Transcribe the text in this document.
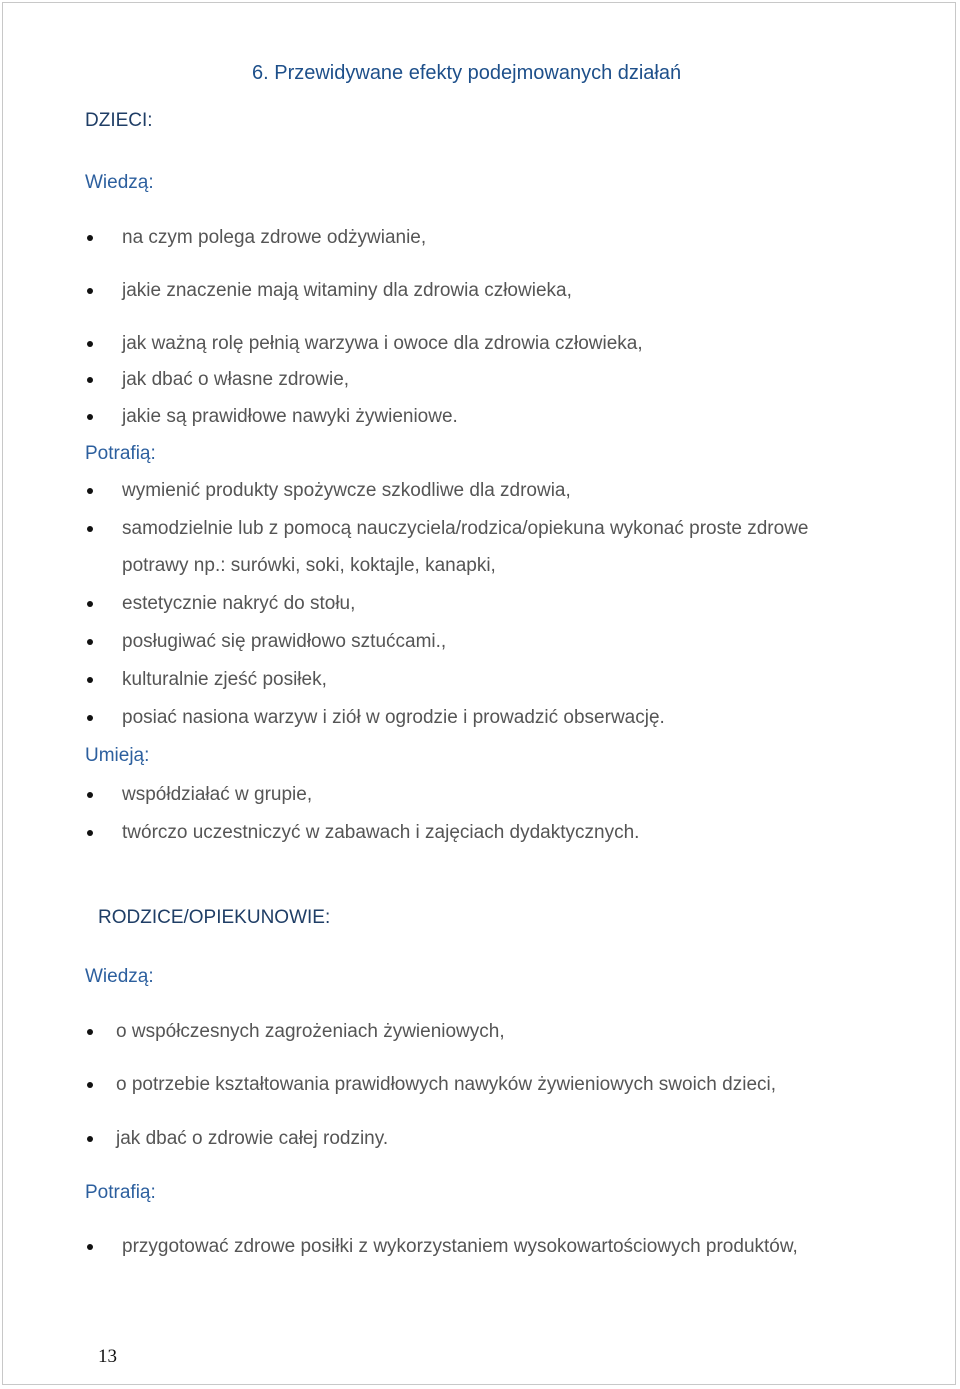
6. Przewidywane efekty podejmowanych działań
DZIECI:
Wiedzą:
na czym polega zdrowe odżywianie,
jakie znaczenie mają witaminy dla zdrowia człowieka,
jak ważną rolę pełnią warzywa i owoce dla zdrowia człowieka,
jak dbać o własne zdrowie,
jakie są prawidłowe nawyki żywieniowe.
Potrafią:
wymienić produkty spożywcze szkodliwe dla zdrowia,
samodzielnie lub z pomocą nauczyciela/rodzica/opiekuna wykonać proste zdrowe
potrawy np.: surówki, soki, koktajle, kanapki,
estetycznie nakryć do stołu,
posługiwać się prawidłowo sztućcami.,
kulturalnie zjeść posiłek,
posiać nasiona warzyw i ziół w ogrodzie i prowadzić obserwację.
Umieją:
współdziałać w grupie,
twórczo uczestniczyć w zabawach i zajęciach dydaktycznych.
RODZICE/OPIEKUNOWIE:
Wiedzą:
o współczesnych zagrożeniach żywieniowych,
o potrzebie kształtowania prawidłowych nawyków żywieniowych swoich dzieci,
jak dbać o zdrowie całej rodziny.
Potrafią:
przygotować zdrowe posiłki z wykorzystaniem wysokowartościowych produktów,
13
